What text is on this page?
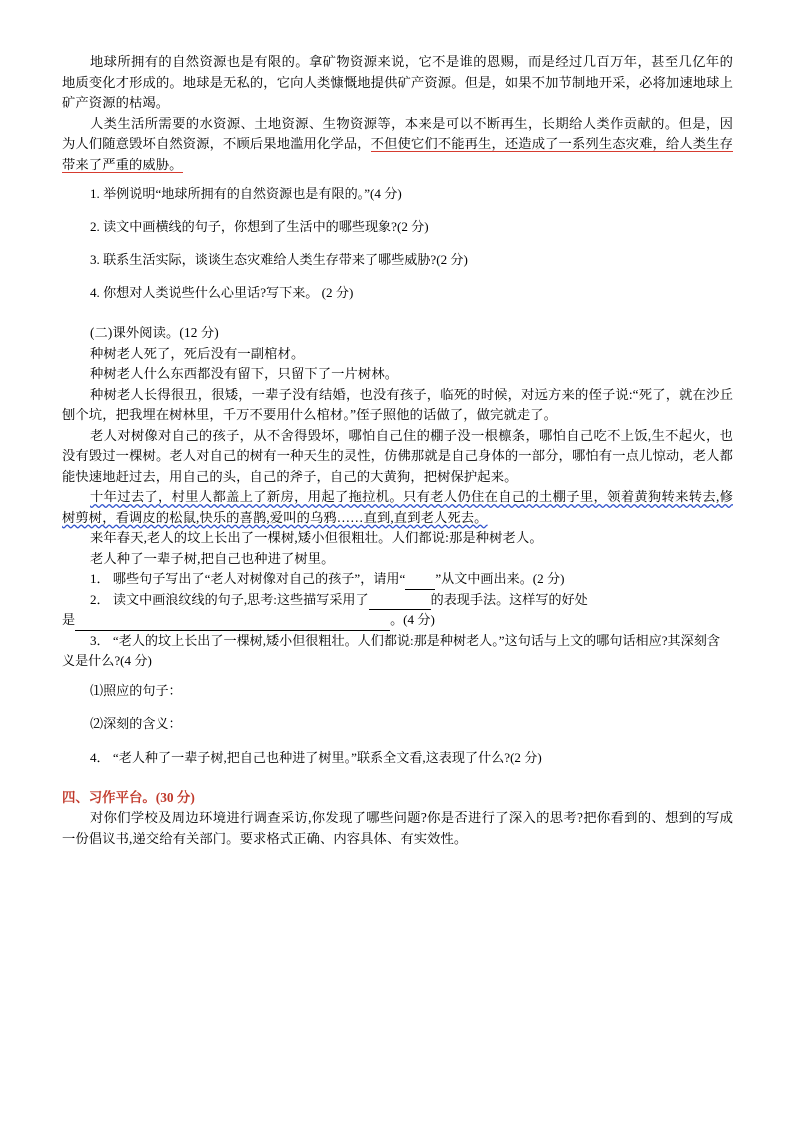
地球所拥有的自然资源也是有限的。拿矿物资源来说，它不是谁的恩赐，而是经过几百万年，甚至几亿年的地质变化才形成的。地球是无私的，它向人类慷慨地提供矿产资源。但是，如果不加节制地开采，必将加速地球上矿产资源的枯竭。

人类生活所需要的水资源、土地资源、生物资源等，本来是可以不断再生，长期给人类作贡献的。但是，因为人们随意毁坏自然资源，不顾后果地滥用化学品，不但使它们不能再生，还造成了一系列生态灾难，给人类生存带来了严重的威胁。

1. 举例说明“地球所拥有的自然资源也是有限的。”(4 分)

2. 读文中画横线的句子，你想到了生活中的哪些现象?(2 分)

3. 联系生活实际，谈谈生态灾难给人类生存带来了哪些威胁?(2 分)

4. 你想对人类说些什么心里话?写下来。 (2 分)

(二)课外阅读。(12 分)

种树老人死了，死后没有一副棺材。

种树老人什么东西都没有留下，只留下了一片树林。

种树老人长得很丑，很矮，一辈子没有结婚，也没有孩子，临死的时候，对远方来的侄子说:“死了，就在沙丘刨个坑，把我埋在树林里，千万不要用什么棺材。”侄子照他的话做了，做完就走了。

老人对树像对自己的孩子，从不舍得毁坏，哪怕自己住的棚子没一根檩条，哪怕自己吃不上饭,生不起火，也没有毁过一棵树。老人对自己的树有一种天生的灵性，仿佛那就是自己身体的一部分，哪怕有一点儿惊动，老人都能快速地赶过去，用自己的头，自己的斧子，自己的大黄狗，把树保护起来。

十年过去了，村里人都盖上了新房，用起了拖拉机。只有老人仍住在自己的土棚子里，领着黄狗转来转去,修树剪树，看调皮的松鼠,快乐的喜鹊,爱叫的乌鸦……直到,直到老人死去。

来年春天,老人的坟上长出了一棵树,矮小但很粗壮。人们都说:那是种树老人。

老人种了一辈子树,把自己也种进了树里。

1． 哪些句子写出了“老人对树像对自己的孩子”，请用“ ”从文中画出来。(2 分)

2． 读文中画浪纹线的句子,思考:这些描写采用了	的表现手法。这样写的好处

是	。(4 分)

3． “老人的坟上长出了一棵树,矮小但很粗壮。人们都说:那是种树老人。”这句话与上文的哪句话相应?其深刻含义是什么?(4 分)

⑴照应的句子：

⑵深刻的含义：

4． “老人种了一辈子树,把自己也种进了树里。”联系全文看,这表现了什么?(2 分)

四、习作平台。(30 分)

对你们学校及周边环境进行调查采访,你发现了哪些问题?你是否进行了深入的思考?把你看到的、想到的写成一份倡议书,递交给有关部门。要求格式正确、内容具体、有实效性。
